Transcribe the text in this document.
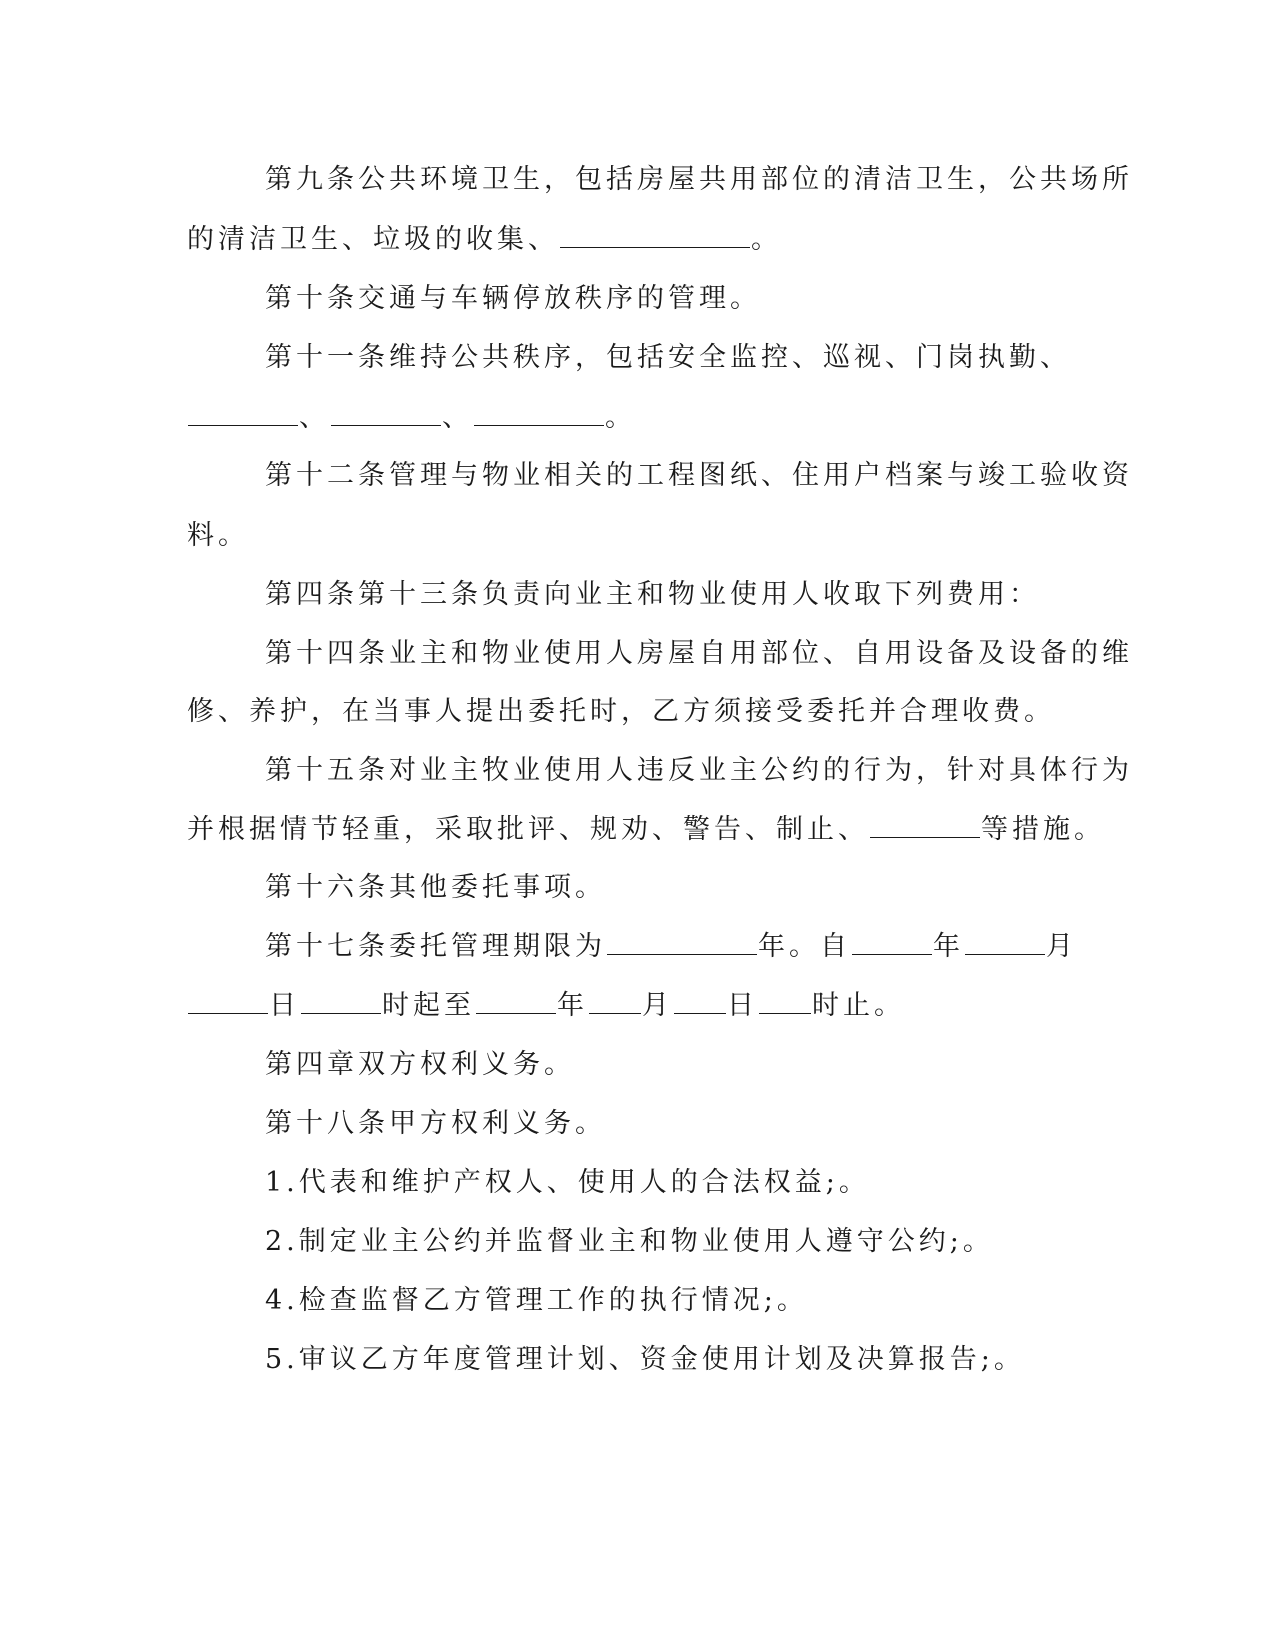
第九条公共环境卫生，包括房屋共用部位的清洁卫生，公共场所
的清洁卫生、垃圾的收集、	。
第十条交通与车辆停放秩序的管理。
第十一条维持公共秩序，包括安全监控、巡视、门岗执勤、
、	、	。
第十二条管理与物业相关的工程图纸、住用户档案与竣工验收资
料。
第四条第十三条负责向业主和物业使用人收取下列费用：
第十四条业主和物业使用人房屋自用部位、自用设备及设备的维
修、养护，在当事人提出委托时，乙方须接受委托并合理收费。
第十五条对业主牧业使用人违反业主公约的行为，针对具体行为
并根据情节轻重，采取批评、规劝、警告、制止、	等措施。
第十六条其他委托事项。
第十七条委托管理期限为	年。自	年	月
日	时起至	年 月 日 时止。
第四章双方权利义务。
第十八条甲方权利义务。
1.代表和维护产权人、使用人的合法权益;。
2.制定业主公约并监督业主和物业使用人遵守公约;。
4.检查监督乙方管理工作的执行情况;。
5.审议乙方年度管理计划、资金使用计划及决算报告;。
